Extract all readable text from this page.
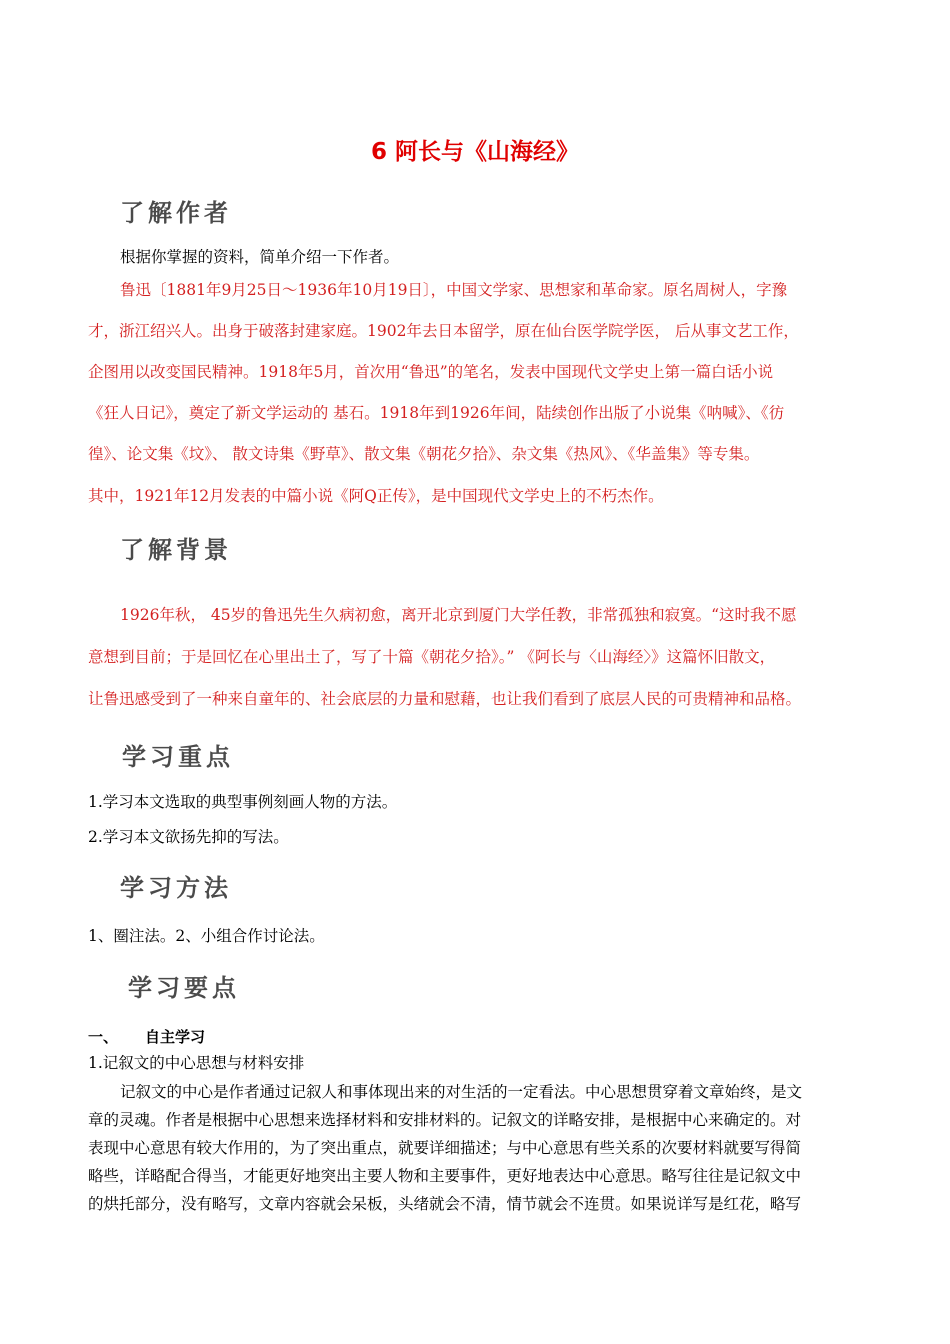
6 阿长与《山海经》
了解作者
根据你掌握的资料，简单介绍一下作者。
鲁迅〔1881年9月25日～1936年10月19日〕，中国文学家、思想家和革命家。原名周树人，字豫
才，浙江绍兴人。出身于破落封建家庭。1902年去日本留学，原在仙台医学院学医， 后从事文艺工作，
企图用以改变国民精神。1918年5月，首次用“鲁迅”的笔名，发表中国现代文学史上第一篇白话小说
《狂人日记》，奠定了新文学运动的 基石。1918年到1926年间，陆续创作出版了小说集《呐喊》、《彷
徨》、论文集《坟》、 散文诗集《野草》、散文集《朝花夕拾》、杂文集《热风》、《华盖集》等专集。
其中，1921年12月发表的中篇小说《阿Q正传》，是中国现代文学史上的不朽杰作。
了解背景
1926年秋， 45岁的鲁迅先生久病初愈，离开北京到厦门大学任教，非常孤独和寂寞。“这时我不愿
意想到目前；于是回忆在心里出土了，写了十篇《朝花夕拾》。” 《阿长与〈山海经〉》这篇怀旧散文，
让鲁迅感受到了一种来自童年的、社会底层的力量和慰藉，也让我们看到了底层人民的可贵精神和品格。
学习重点
1.学习本文选取的典型事例刻画人物的方法。
2.学习本文欲扬先抑的写法。
学习方法
1、圈注法。2、小组合作讨论法。
学习要点
一、 自主学习
1.记叙文的中心思想与材料安排
记叙文的中心是作者通过记叙人和事体现出来的对生活的一定看法。中心思想贯穿着文章始终，是文
章的灵魂。作者是根据中心思想来选择材料和安排材料的。记叙文的详略安排，是根据中心来确定的。对
表现中心意思有较大作用的，为了突出重点，就要详细描述；与中心意思有些关系的次要材料就要写得简
略些，详略配合得当，才能更好地突出主要人物和主要事件，更好地表达中心意思。略写往往是记叙文中
的烘托部分，没有略写，文章内容就会呆板，头绪就会不清，情节就会不连贯。如果说详写是红花，略写
